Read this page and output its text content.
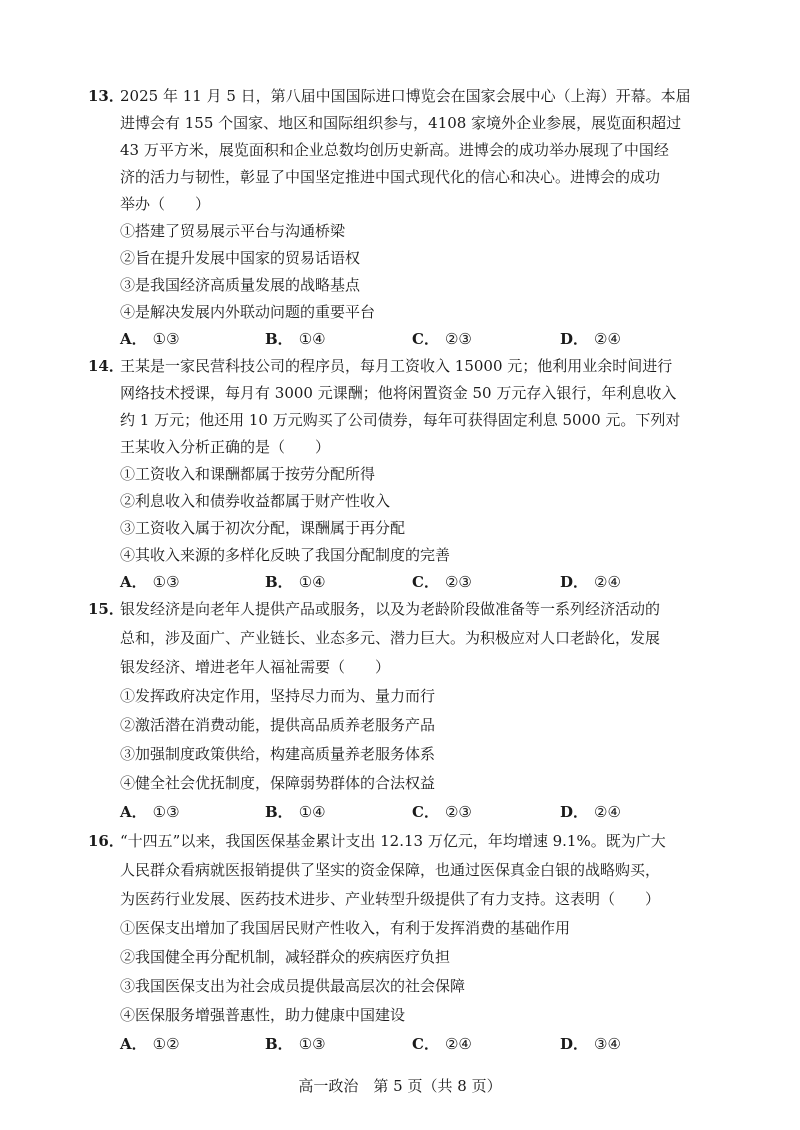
13．
2025 年 11 月 5 日，第八届中国国际进口博览会在国家会展中心（上海）开幕。本届
进博会有 155 个国家、地区和国际组织参与，4108 家境外企业参展，展览面积超过
43 万平方米，展览面积和企业总数均创历史新高。进博会的成功举办展现了中国经
济的活力与韧性，彰显了中国坚定推进中国式现代化的信心和决心。进博会的成功
举办（　　）
①搭建了贸易展示平台与沟通桥梁
②旨在提升发展中国家的贸易话语权
③是我国经济高质量发展的战略基点
④是解决发展内外联动问题的重要平台
A． ①③	B． ①④	C． ②③	D． ②④
14．
王某是一家民营科技公司的程序员，每月工资收入 15000 元；他利用业余时间进行
网络技术授课，每月有 3000 元课酬；他将闲置资金 50 万元存入银行，年利息收入
约 1 万元；他还用 10 万元购买了公司债券，每年可获得固定利息 5000 元。下列对
王某收入分析正确的是（　　）
①工资收入和课酬都属于按劳分配所得
②利息收入和债券收益都属于财产性收入
③工资收入属于初次分配，课酬属于再分配
④其收入来源的多样化反映了我国分配制度的完善
A． ①③	B． ①④	C． ②③	D． ②④
15．
银发经济是向老年人提供产品或服务，以及为老龄阶段做准备等一系列经济活动的
总和，涉及面广、产业链长、业态多元、潜力巨大。为积极应对人口老龄化，发展
银发经济、增进老年人福祉需要（　　）
①发挥政府决定作用，坚持尽力而为、量力而行
②激活潜在消费动能，提供高品质养老服务产品
③加强制度政策供给，构建高质量养老服务体系
④健全社会优抚制度，保障弱势群体的合法权益
A． ①③	B． ①④	C． ②③	D． ②④
16．
“十四五”以来，我国医保基金累计支出 12.13 万亿元，年均增速 9.1%。既为广大
人民群众看病就医报销提供了坚实的资金保障，也通过医保真金白银的战略购买，
为医药行业发展、医药技术进步、产业转型升级提供了有力支持。这表明（　　）
①医保支出增加了我国居民财产性收入，有利于发挥消费的基础作用
②我国健全再分配机制，减轻群众的疾病医疗负担
③我国医保支出为社会成员提供最高层次的社会保障
④医保服务增强普惠性，助力健康中国建设
A． ①②	B． ①③	C． ②④	D． ③④
高一政治　第 5 页（共 8 页）
